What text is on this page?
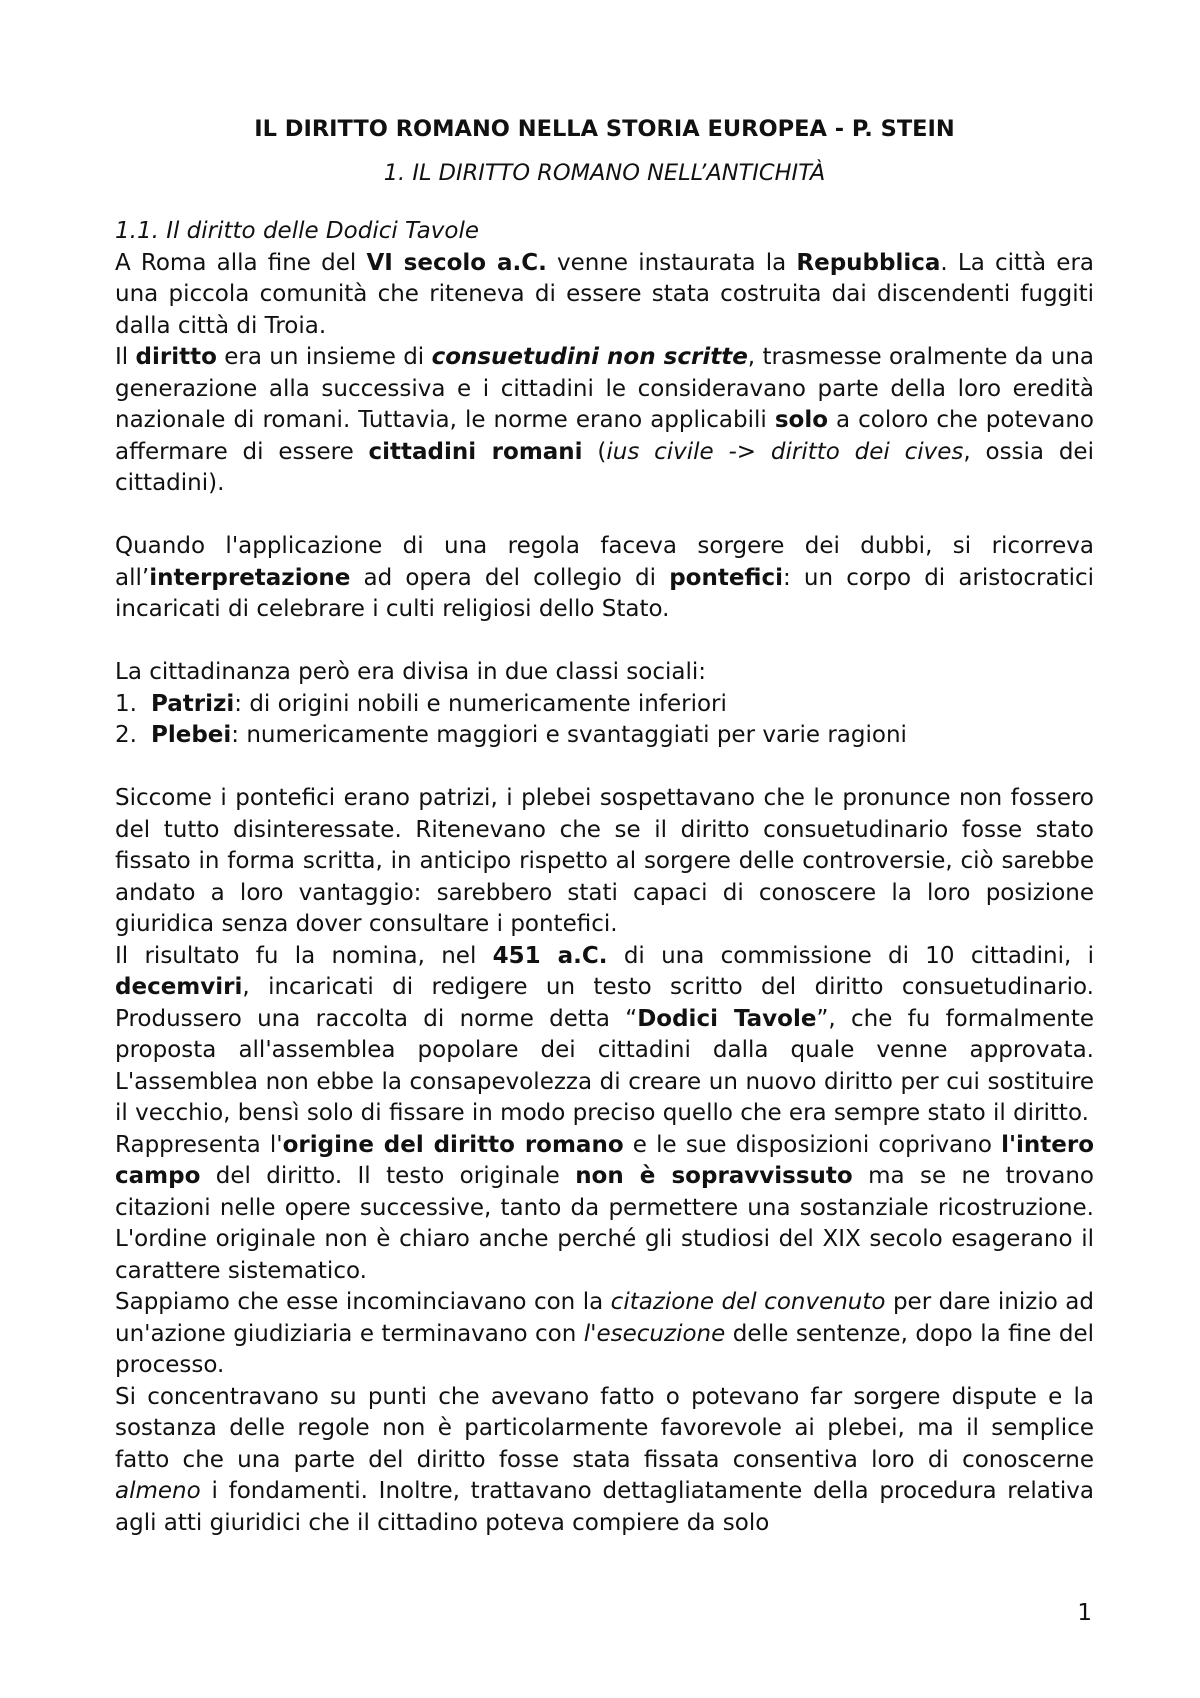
IL DIRITTO ROMANO NELLA STORIA EUROPEA - P. STEIN
1. IL DIRITTO ROMANO NELL’ANTICHITÀ
1.1. Il diritto delle Dodici Tavole

A Roma alla fine del VI secolo a.C. venne instaurata la Repubblica. La città era una piccola comunità che riteneva di essere stata costruita dai discendenti fuggiti dalla città di Troia.

Il diritto era un insieme di consuetudini non scritte, trasmesse oralmente da una generazione alla successiva e i cittadini le consideravano parte della loro eredità nazionale di romani. Tuttavia, le norme erano applicabili solo a coloro che potevano affermare di essere cittadini romani (ius civile -> diritto dei cives, ossia dei cittadini).

Quando l'applicazione di una regola faceva sorgere dei dubbi, si ricorreva all’interpretazione ad opera del collegio di pontefici: un corpo di aristocratici incaricati di celebrare i culti religiosi dello Stato.

La cittadinanza però era divisa in due classi sociali:

1. Patrizi: di origini nobili e numericamente inferiori
2. Plebei: numericamente maggiori e svantaggiati per varie ragioni

Siccome i pontefici erano patrizi, i plebei sospettavano che le pronunce non fossero del tutto disinteressate. Ritenevano che se il diritto consuetudinario fosse stato fissato in forma scritta, in anticipo rispetto al sorgere delle controversie, ciò sarebbe andato a loro vantaggio: sarebbero stati capaci di conoscere la loro posizione giuridica senza dover consultare i pontefici.

Il risultato fu la nomina, nel 451 a.C. di una commissione di 10 cittadini, i decemviri, incaricati di redigere un testo scritto del diritto consuetudinario. Produssero una raccolta di norme detta “Dodici Tavole”, che fu formalmente proposta all'assemblea popolare dei cittadini dalla quale venne approvata. L'assemblea non ebbe la consapevolezza di creare un nuovo diritto per cui sostituire il vecchio, bensì solo di fissare in modo preciso quello che era sempre stato il diritto.

Rappresenta l'origine del diritto romano e le sue disposizioni coprivano l'intero campo del diritto. Il testo originale non è sopravvissuto ma se ne trovano citazioni nelle opere successive, tanto da permettere una sostanziale ricostruzione. L'ordine originale non è chiaro anche perché gli studiosi del XIX secolo esagerano il carattere sistematico.

Sappiamo che esse incominciavano con la citazione del convenuto per dare inizio ad un'azione giudiziaria e terminavano con l'esecuzione delle sentenze, dopo la fine del processo.

Si concentravano su punti che avevano fatto o potevano far sorgere dispute e la sostanza delle regole non è particolarmente favorevole ai plebei, ma il semplice fatto che una parte del diritto fosse stata fissata consentiva loro di conoscerne almeno i fondamenti. Inoltre, trattavano dettagliatamente della procedura relativa agli atti giuridici che il cittadino poteva compiere da solo

1
